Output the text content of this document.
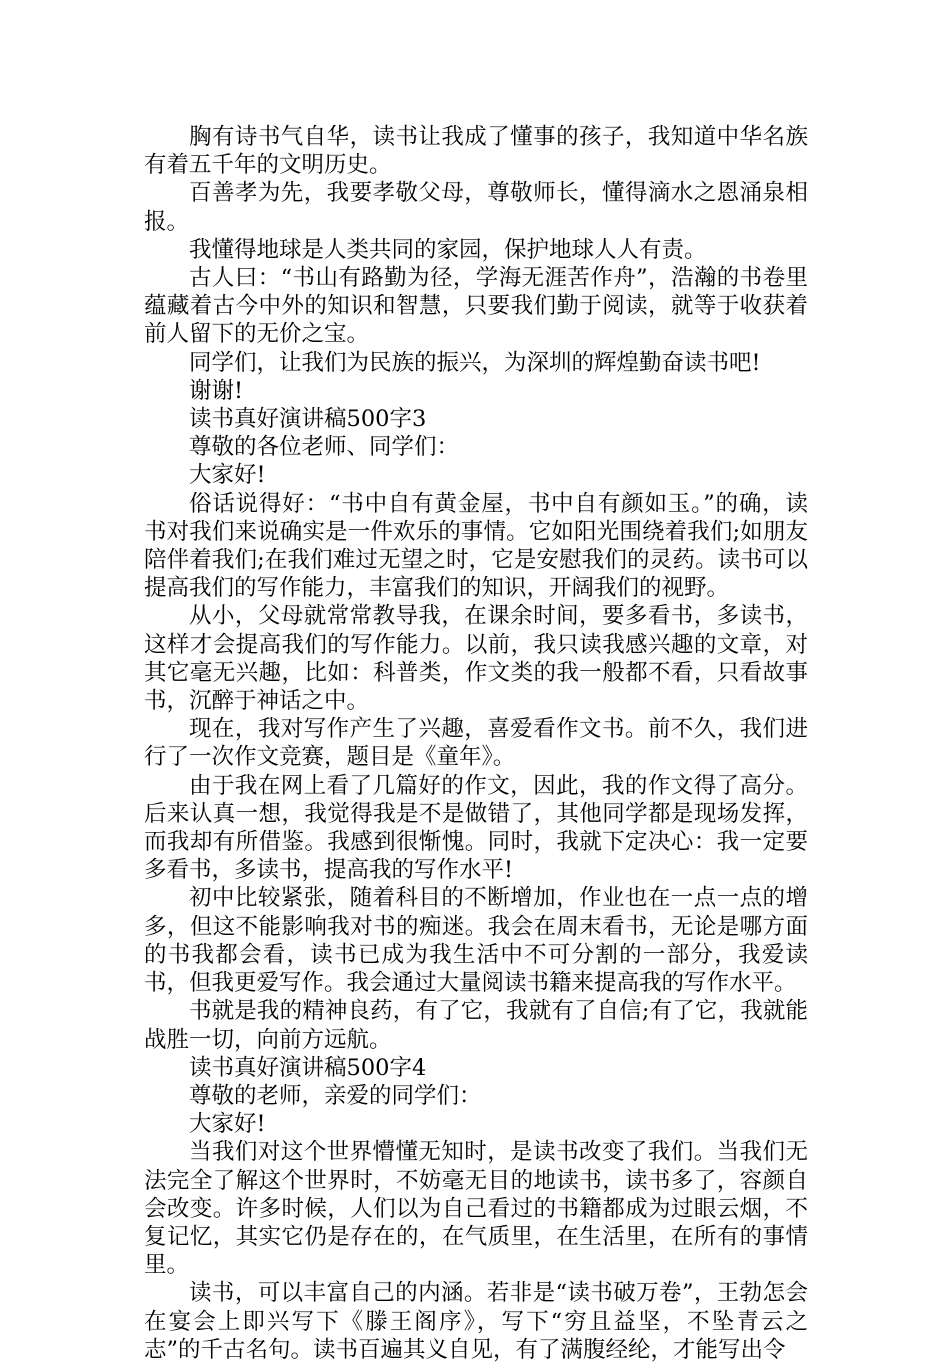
胸有诗书气自华，读书让我成了懂事的孩子，我知道中华名族有着五千年的文明历史。

百善孝为先，我要孝敬父母，尊敬师长，懂得滴水之恩涌泉相报。

我懂得地球是人类共同的家园，保护地球人人有责。

古人曰：“书山有路勤为径，学海无涯苦作舟”，浩瀚的书卷里蕴藏着古今中外的知识和智慧，只要我们勤于阅读，就等于收获着前人留下的无价之宝。

同学们，让我们为民族的振兴，为深圳的辉煌勤奋读书吧!

谢谢!

读书真好演讲稿500字3

尊敬的各位老师、同学们：

大家好!

俗话说得好：“书中自有黄金屋，书中自有颜如玉。”的确，读书对我们来说确实是一件欢乐的事情。它如阳光围绕着我们;如朋友陪伴着我们;在我们难过无望之时，它是安慰我们的灵药。读书可以提高我们的写作能力，丰富我们的知识，开阔我们的视野。

从小，父母就常常教导我，在课余时间，要多看书，多读书，这样才会提高我们的写作能力。以前，我只读我感兴趣的文章，对其它毫无兴趣，比如：科普类，作文类的我一般都不看，只看故事书，沉醉于神话之中。

现在，我对写作产生了兴趣，喜爱看作文书。前不久，我们进行了一次作文竞赛，题目是《童年》。

由于我在网上看了几篇好的作文，因此，我的作文得了高分。后来认真一想，我觉得我是不是做错了，其他同学都是现场发挥，而我却有所借鉴。我感到很惭愧。同时，我就下定决心：我一定要多看书，多读书，提高我的写作水平!

初中比较紧张，随着科目的不断增加，作业也在一点一点的增多，但这不能影响我对书的痴迷。我会在周末看书，无论是哪方面的书我都会看，读书已成为我生活中不可分割的一部分，我爱读书，但我更爱写作。我会通过大量阅读书籍来提高我的写作水平。

书就是我的精神良药，有了它，我就有了自信;有了它，我就能战胜一切，向前方远航。

读书真好演讲稿500字4

尊敬的老师，亲爱的同学们：

大家好!

当我们对这个世界懵懂无知时，是读书改变了我们。当我们无法完全了解这个世界时，不妨毫无目的地读书，读书多了，容颜自会改变。许多时候，人们以为自己看过的书籍都成为过眼云烟，不复记忆，其实它仍是存在的，在气质里，在生活里，在所有的事情里。

读书，可以丰富自己的内涵。若非是“读书破万卷”，王勃怎会在宴会上即兴写下《滕王阁序》，写下“穷且益坚，不坠青云之志”的千古名句。读书百遍其义自见，有了满腹经纶，才能写出令
